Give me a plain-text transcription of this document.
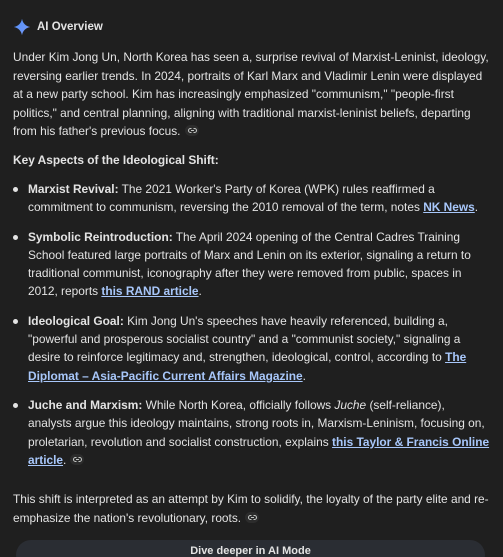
AI Overview
Under Kim Jong Un, North Korea has seen a, surprise revival of Marxist-Leninist, ideology, reversing earlier trends. In 2024, portraits of Karl Marx and Vladimir Lenin were displayed at a new party school. Kim has increasingly emphasized "communism," "people-first politics," and central planning, aligning with traditional marxist-leninist beliefs, departing from his father's previous focus.
Key Aspects of the Ideological Shift:
Marxist Revival: The 2021 Worker's Party of Korea (WPK) rules reaffirmed a commitment to communism, reversing the 2010 removal of the term, notes NK News.
Symbolic Reintroduction: The April 2024 opening of the Central Cadres Training School featured large portraits of Marx and Lenin on its exterior, signaling a return to traditional communist, iconography after they were removed from public, spaces in 2012, reports this RAND article.
Ideological Goal: Kim Jong Un's speeches have heavily referenced, building a, "powerful and prosperous socialist country" and a "communist society," signaling a desire to reinforce legitimacy and, strengthen, ideological, control, according to The Diplomat – Asia-Pacific Current Affairs Magazine.
Juche and Marxism: While North Korea, officially follows Juche (self-reliance), analysts argue this ideology maintains, strong roots in, Marxism-Leninism, focusing on, proletarian, revolution and socialist construction, explains this Taylor & Francis Online article.
This shift is interpreted as an attempt by Kim to solidify, the loyalty of the party elite and re-emphasize the nation's revolutionary, roots.
Dive deeper in AI Mode
